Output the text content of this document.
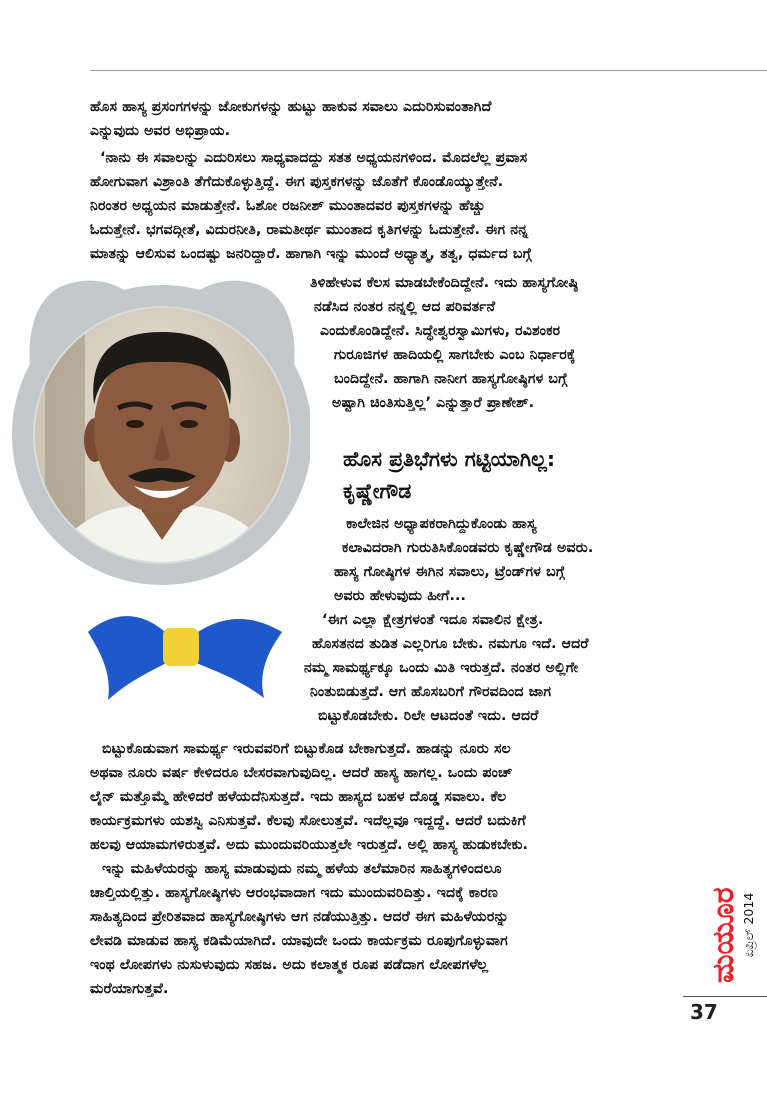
ಹೊಸ ಹಾಸ್ಯ ಪ್ರಸಂಗಗಳನ್ನು ಜೋಕುಗಳನ್ನು ಹುಟ್ಟು ಹಾಕುವ ಸವಾಲು ಎದುರಿಸುವಂತಾಗಿದೆ
ಎನ್ನುವುದು ಅವರ ಅಭಿಪ್ರಾಯ.

‘ನಾನು ಈ ಸವಾಲನ್ನು ಎದುರಿಸಲು ಸಾಧ್ಯವಾದದ್ದು ಸತತ ಅಧ್ಯಯನಗಳಿಂದ. ಮೊದಲೆಲ್ಲ ಪ್ರವಾಸ
ಹೋಗುವಾಗ ವಿಶ್ರಾಂತಿ ತೆಗೆದುಕೊಳ್ಳುತ್ತಿದ್ದೆ. ಈಗ ಪುಸ್ತಕಗಳನ್ನು ಜೊತೆಗೆ ಕೊಂಡೊಯ್ಯುತ್ತೇನೆ.
ನಿರಂತರ ಅಧ್ಯಯನ ಮಾಡುತ್ತೇನೆ. ಓಶೋ ರಜನೀಶ್ ಮುಂತಾದವರ ಪುಸ್ತಕಗಳನ್ನು ಹೆಚ್ಚು
ಓದುತ್ತೇನೆ. ಭಗವದ್ಗೀತೆ, ವಿದುರನೀತಿ, ರಾಮತೀರ್ಥ ಮುಂತಾದ ಕೃತಿಗಳನ್ನು ಓದುತ್ತೇನೆ. ಈಗ ನನ್ನ
ಮಾತನ್ನು ಆಲಿಸುವ ಒಂದಷ್ಟು ಜನರಿದ್ದಾರೆ. ಹಾಗಾಗಿ ಇನ್ನು ಮುಂದೆ ಅಧ್ಯಾತ್ಮ, ತತ್ವ, ಧರ್ಮದ ಬಗ್ಗೆ

ತಿಳಿಹೇಳುವ ಕೆಲಸ ಮಾಡಬೇಕೆಂದಿದ್ದೇನೆ. ಇದು ಹಾಸ್ಯಗೋಷ್ಠಿ
ನಡೆಸಿದ ನಂತರ ನನ್ನಲ್ಲಿ ಆದ ಪರಿವರ್ತನೆ
ಎಂದುಕೊಂಡಿದ್ದೇನೆ. ಸಿದ್ಧೇಶ್ವರಸ್ವಾಮಿಗಳು, ರವಿಶಂಕರ
ಗುರೂಜಿಗಳ ಹಾದಿಯಲ್ಲಿ ಸಾಗಬೇಕು ಎಂಬ ನಿರ್ಧಾರಕ್ಕೆ
ಬಂದಿದ್ದೇನೆ. ಹಾಗಾಗಿ ನಾನೀಗ ಹಾಸ್ಯಗೋಷ್ಠಿಗಳ ಬಗ್ಗೆ
ಅಷ್ಟಾಗಿ ಚಿಂತಿಸುತ್ತಿಲ್ಲ’ ಎನ್ನುತ್ತಾರೆ ಪ್ರಾಣೇಶ್.

ಹೊಸ ಪ್ರತಿಭೆಗಳು ಗಟ್ಟಿಯಾಗಿಲ್ಲ:
ಕೃಷ್ಣೇಗೌಡ

ಕಾಲೇಜಿನ ಅಧ್ಯಾಪಕರಾಗಿದ್ದುಕೊಂಡು ಹಾಸ್ಯ
ಕಲಾವಿದರಾಗಿ ಗುರುತಿಸಿಕೊಂಡವರು ಕೃಷ್ಣೇಗೌಡ ಅವರು.
ಹಾಸ್ಯ ಗೋಷ್ಠಿಗಳ ಈಗಿನ ಸವಾಲು, ಟ್ರೆಂಡ್‌ಗಳ ಬಗ್ಗೆ
ಅವರು ಹೇಳುವುದು ಹೀಗೆ...
‘ಈಗ ಎಲ್ಲಾ ಕ್ಷೇತ್ರಗಳಂತೆ ಇದೂ ಸವಾಲಿನ ಕ್ಷೇತ್ರ.
ಹೊಸತನದ ತುಡಿತ ಎಲ್ಲರಿಗೂ ಬೇಕು. ನಮಗೂ ಇದೆ. ಆದರೆ
ನಮ್ಮ ಸಾಮರ್ಥ್ಯಕ್ಕೂ ಒಂದು ಮಿತಿ ಇರುತ್ತದೆ. ನಂತರ ಅಲ್ಲಿಗೇ
ನಿಂತುಬಿಡುತ್ತದೆ. ಆಗ ಹೊಸಬರಿಗೆ ಗೌರವದಿಂದ ಜಾಗ
ಬಿಟ್ಟುಕೊಡಬೇಕು. ರಿಲೇ ಆಟದಂತೆ ಇದು. ಆದರೆ

ಬಿಟ್ಟುಕೊಡುವಾಗ ಸಾಮರ್ಥ್ಯ ಇರುವವರಿಗೆ ಬಿಟ್ಟುಕೊಡ ಬೇಕಾಗುತ್ತದೆ. ಹಾಡನ್ನು ನೂರು ಸಲ
ಅಥವಾ ನೂರು ವರ್ಷ ಕೇಳಿದರೂ ಬೇಸರವಾಗುವುದಿಲ್ಲ. ಆದರೆ ಹಾಸ್ಯ ಹಾಗಲ್ಲ. ಒಂದು ಪಂಚ್
ಲೈನ್ ಮತ್ತೊಮ್ಮೆ ಹೇಳಿದರೆ ಹಳೆಯದೆನಿಸುತ್ತದೆ. ಇದು ಹಾಸ್ಯದ ಬಹಳ ದೊಡ್ಡ ಸವಾಲು. ಕೆಲ
ಕಾರ್ಯಕ್ರಮಗಳು ಯಶಸ್ವಿ ಎನಿಸುತ್ತವೆ. ಕೆಲವು ಸೋಲುತ್ತವೆ. ಇದೆಲ್ಲವೂ ಇದ್ದದ್ದೆ. ಆದರೆ ಬದುಕಿಗೆ
ಹಲವು ಆಯಾಮಗಳಿರುತ್ತವೆ. ಅದು ಮುಂದುವರಿಯುತ್ತಲೇ ಇರುತ್ತದೆ. ಅಲ್ಲಿ ಹಾಸ್ಯ ಹುಡುಕಬೇಕು.
ಇನ್ನು ಮಹಿಳೆಯರನ್ನು ಹಾಸ್ಯ ಮಾಡುವುದು ನಮ್ಮ ಹಳೆಯ ತಲೆಮಾರಿನ ಸಾಹಿತ್ಯಗಳಿಂದಲೂ
ಚಾಲ್ತಿಯಲ್ಲಿತ್ತು. ಹಾಸ್ಯಗೋಷ್ಠಿಗಳು ಆರಂಭವಾದಾಗ ಇದು ಮುಂದುವರಿದಿತ್ತು. ಇದಕ್ಕೆ ಕಾರಣ
ಸಾಹಿತ್ಯದಿಂದ ಪ್ರೇರಿತವಾದ ಹಾಸ್ಯಗೋಷ್ಠಿಗಳು ಆಗ ನಡೆಯುತ್ತಿತ್ತು. ಆದರೆ ಈಗ ಮಹಿಳೆಯರನ್ನು
ಲೇವಡಿ ಮಾಡುವ ಹಾಸ್ಯ ಕಡಿಮೆಯಾಗಿದೆ. ಯಾವುದೇ ಒಂದು ಕಾರ್ಯಕ್ರಮ ರೂಪುಗೊಳ್ಳುವಾಗ
ಇಂಥ ಲೋಪಗಳು ನುಸುಳುವುದು ಸಹಜ. ಅದು ಕಲಾತ್ಮಕ ರೂಪ ಪಡೆದಾಗ ಲೋಪಗಳೆಲ್ಲ
ಮರೆಯಾಗುತ್ತವೆ.

ಮಯೂರ ಏಪ್ರಿಲ್ 2014

37
